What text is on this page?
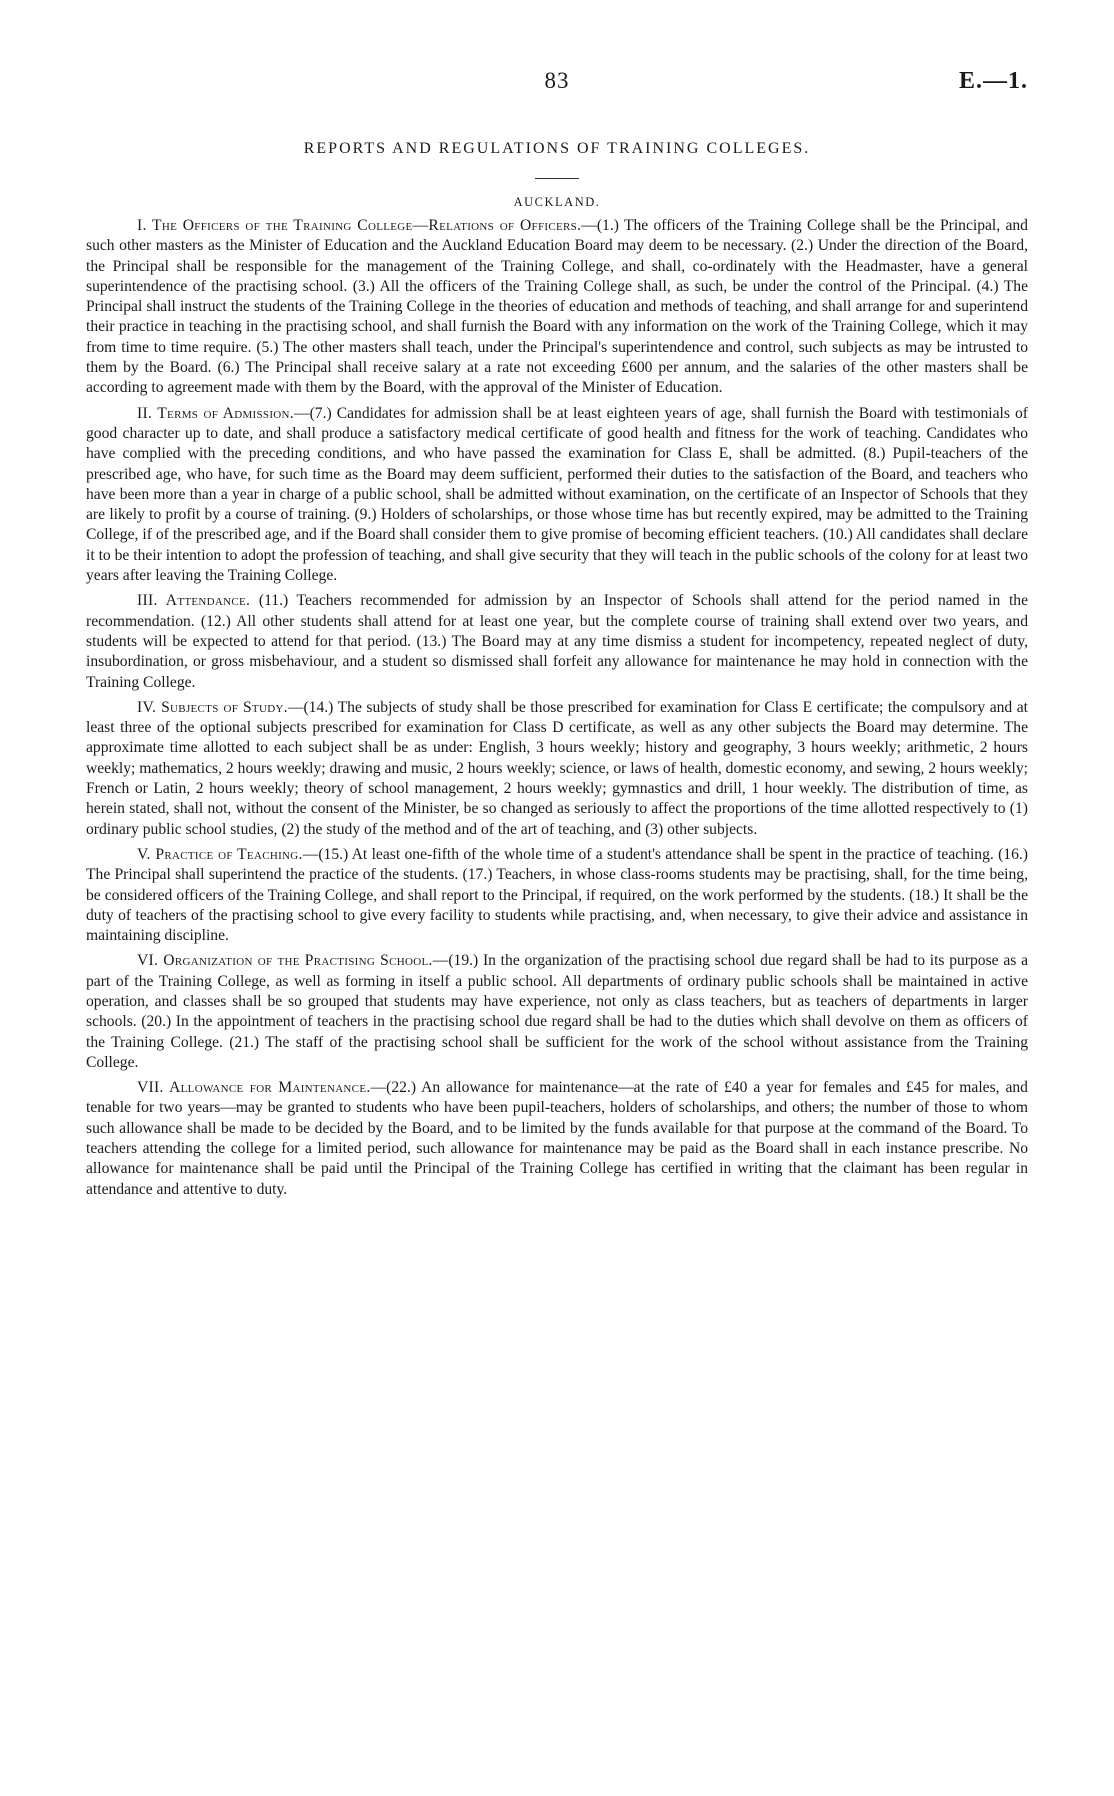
83	E.—1.
REPORTS AND REGULATIONS OF TRAINING COLLEGES.
AUCKLAND.

I. The Officers of the Training College—Relations of Officers.—(1.) The officers of the Training College shall be the Principal, and such other masters as the Minister of Education and the Auckland Education Board may deem to be necessary. (2.) Under the direction of the Board, the Principal shall be responsible for the management of the Training College, and shall, co-ordinately with the Headmaster, have a general superintendence of the practising school. (3.) All the officers of the Training College shall, as such, be under the control of the Principal. (4.) The Principal shall instruct the students of the Training College in the theories of education and methods of teaching, and shall arrange for and superintend their practice in teaching in the practising school, and shall furnish the Board with any information on the work of the Training College, which it may from time to time require. (5.) The other masters shall teach, under the Principal's superintendence and control, such subjects as may be intrusted to them by the Board. (6.) The Principal shall receive salary at a rate not exceeding £600 per annum, and the salaries of the other masters shall be according to agreement made with them by the Board, with the approval of the Minister of Education.

II. Terms of Admission.—(7.) Candidates for admission shall be at least eighteen years of age, shall furnish the Board with testimonials of good character up to date, and shall produce a satisfactory medical certificate of good health and fitness for the work of teaching. Candidates who have complied with the preceding conditions, and who have passed the examination for Class E, shall be admitted. (8.) Pupil-teachers of the prescribed age, who have, for such time as the Board may deem sufficient, performed their duties to the satisfaction of the Board, and teachers who have been more than a year in charge of a public school, shall be admitted without examination, on the certificate of an Inspector of Schools that they are likely to profit by a course of training. (9.) Holders of scholarships, or those whose time has but recently expired, may be admitted to the Training College, if of the prescribed age, and if the Board shall consider them to give promise of becoming efficient teachers. (10.) All candidates shall declare it to be their intention to adopt the profession of teaching, and shall give security that they will teach in the public schools of the colony for at least two years after leaving the Training College.

III. Attendance. (11.) Teachers recommended for admission by an Inspector of Schools shall attend for the period named in the recommendation. (12.) All other students shall attend for at least one year, but the complete course of training shall extend over two years, and students will be expected to attend for that period. (13.) The Board may at any time dismiss a student for incompetency, repeated neglect of duty, insubordination, or gross misbehaviour, and a student so dismissed shall forfeit any allowance for maintenance he may hold in connection with the Training College.

IV. Subjects of Study.—(14.) The subjects of study shall be those prescribed for examination for Class E certificate; the compulsory and at least three of the optional subjects prescribed for examination for Class D certificate, as well as any other subjects the Board may determine. The approximate time allotted to each subject shall be as under: English, 3 hours weekly; history and geography, 3 hours weekly; arithmetic, 2 hours weekly; mathematics, 2 hours weekly; drawing and music, 2 hours weekly; science, or laws of health, domestic economy, and sewing, 2 hours weekly; French or Latin, 2 hours weekly; theory of school management, 2 hours weekly; gymnastics and drill, 1 hour weekly. The distribution of time, as herein stated, shall not, without the consent of the Minister, be so changed as seriously to affect the proportions of the time allotted respectively to (1) ordinary public school studies, (2) the study of the method and of the art of teaching, and (3) other subjects.

V. Practice of Teaching.—(15.) At least one-fifth of the whole time of a student's attendance shall be spent in the practice of teaching. (16.) The Principal shall superintend the practice of the students. (17.) Teachers, in whose class-rooms students may be practising, shall, for the time being, be considered officers of the Training College, and shall report to the Principal, if required, on the work performed by the students. (18.) It shall be the duty of teachers of the practising school to give every facility to students while practising, and, when necessary, to give their advice and assistance in maintaining discipline.

VI. Organization of the Practising School.—(19.) In the organization of the practising school due regard shall be had to its purpose as a part of the Training College, as well as forming in itself a public school. All departments of ordinary public schools shall be maintained in active operation, and classes shall be so grouped that students may have experience, not only as class teachers, but as teachers of departments in larger schools. (20.) In the appointment of teachers in the practising school due regard shall be had to the duties which shall devolve on them as officers of the Training College. (21.) The staff of the practising school shall be sufficient for the work of the school without assistance from the Training College.

VII. Allowance for Maintenance.—(22.) An allowance for maintenance—at the rate of £40 a year for females and £45 for males, and tenable for two years—may be granted to students who have been pupil-teachers, holders of scholarships, and others; the number of those to whom such allowance shall be made to be decided by the Board, and to be limited by the funds available for that purpose at the command of the Board. To teachers attending the college for a limited period, such allowance for maintenance may be paid as the Board shall in each instance prescribe. No allowance for maintenance shall be paid until the Principal of the Training College has certified in writing that the claimant has been regular in attendance and attentive to duty.
